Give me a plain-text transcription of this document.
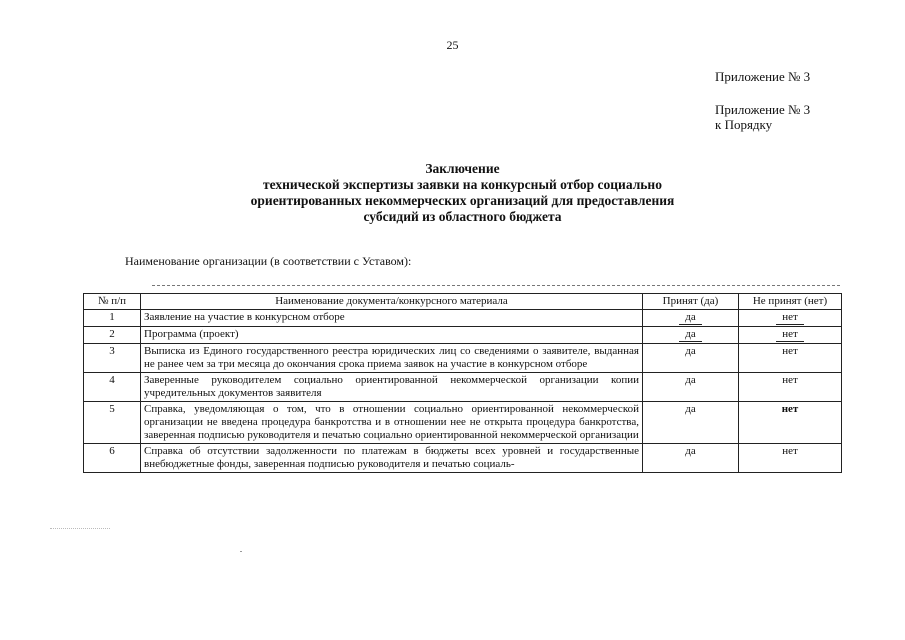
25
Приложение № 3
Приложение № 3
к Порядку
Заключение
технической экспертизы заявки на конкурсный отбор социально
ориентированных некоммерческих организаций для предоставления
субсидий из областного бюджета
Наименование организации (в соответствии с Уставом):
№ п/п	Наименование документа/конкурсного материала	Принят (да)	Не принят (нет)
1	Заявление на участие в конкурсном отборе	да	нет
2	Программа (проект)	да	нет
3	Выписка из Единого государственного реестра юридических лиц со сведениями о заявителе, выданная не ранее чем за три месяца до окончания срока приема заявок на участие в конкурсном отборе	да	нет
4	Заверенные руководителем социально ориентированной некоммерческой организации копии учредительных документов заявителя	да	нет
5	Справка, уведомляющая о том, что в отношении социально ориентированной некоммерческой организации не введена процедура банкротства и в отношении нее не открыта процедура банкротства, заверенная подписью руководителя и печатью социально ориентированной некоммерческой организации	да	нет
6	Справка об отсутствии задолженности по платежам в бюджеты всех уровней и государственные внебюджетные фонды, заверенная подписью руководителя и печатью социаль-	да	нет
